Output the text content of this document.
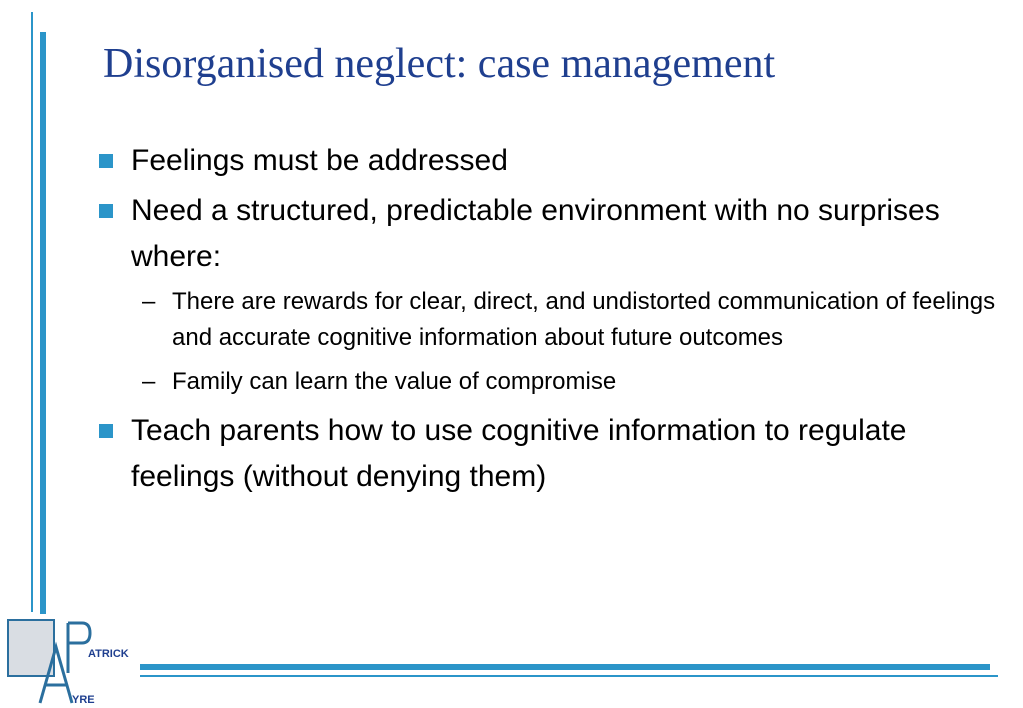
Disorganised neglect: case management
Feelings must be addressed
Need a structured, predictable environment with no surprises where:
– There are rewards for clear, direct, and undistorted communication of feelings and accurate cognitive information about future outcomes
– Family can learn the value of compromise
Teach parents how to use cognitive information to regulate feelings (without denying them)
ATRICK
YRE
